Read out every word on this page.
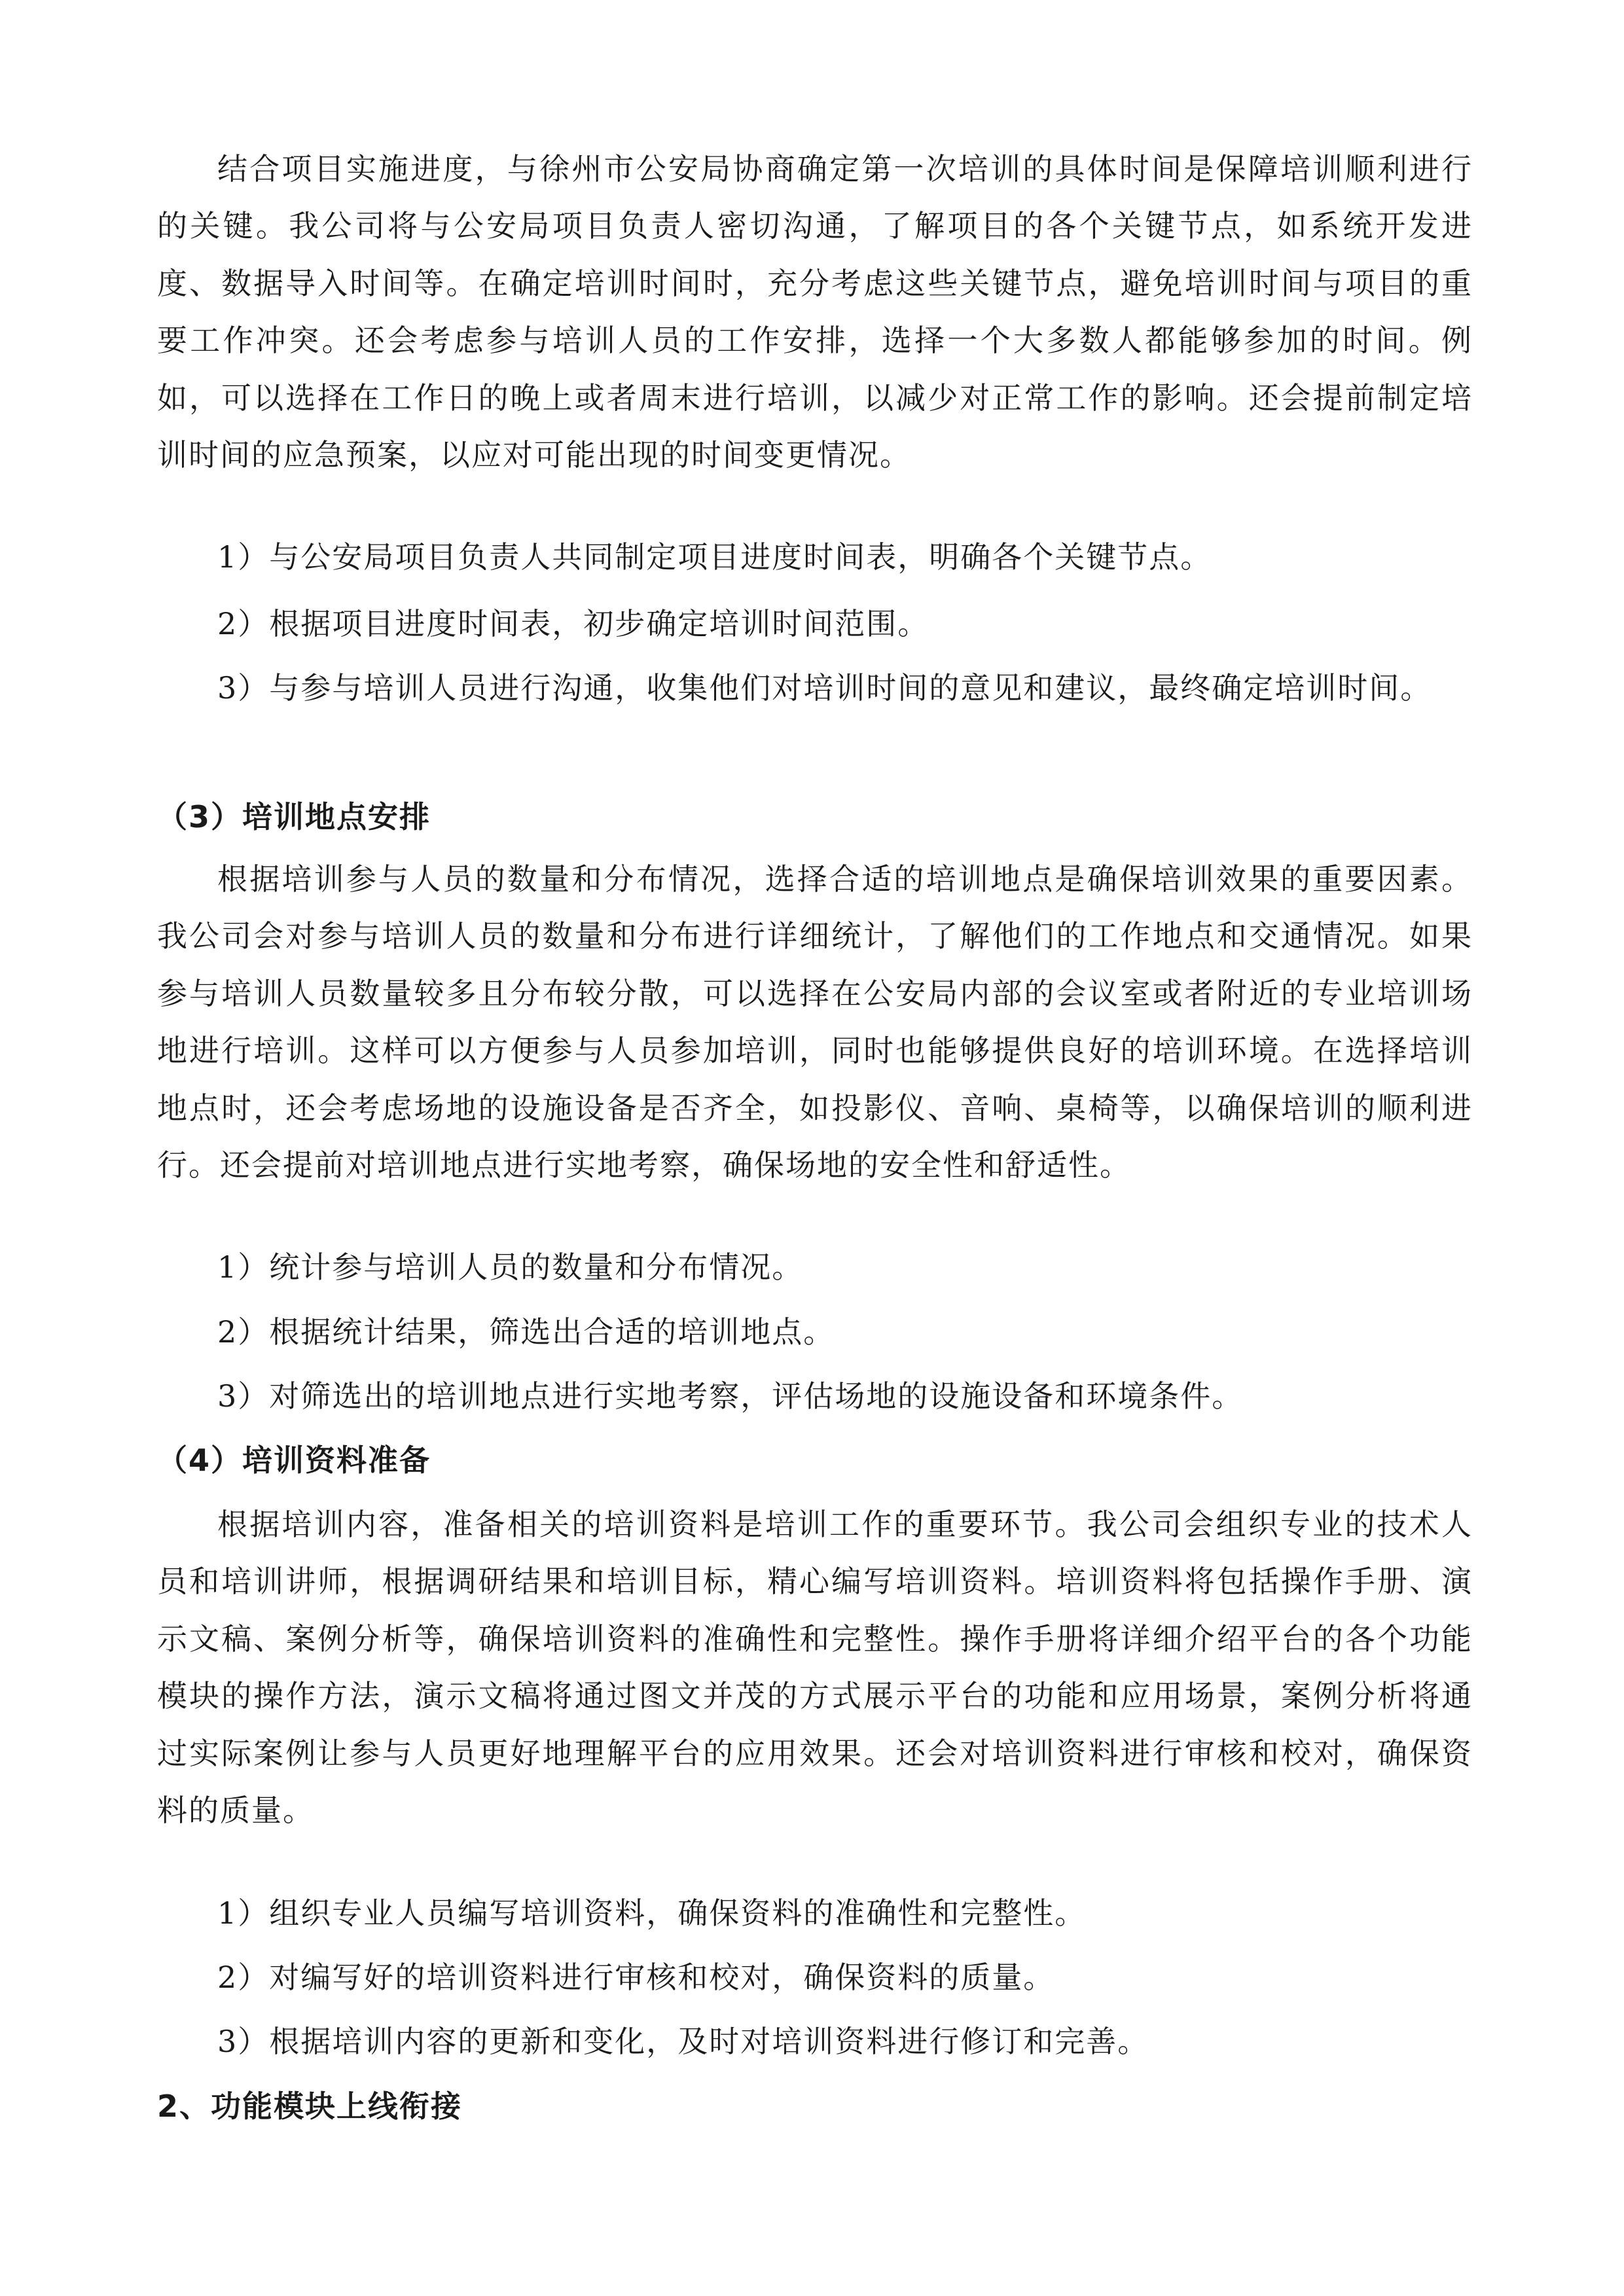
结合项目实施进度，与徐州市公安局协商确定第一次培训的具体时间是保障培训顺利进行的关键。我公司将与公安局项目负责人密切沟通，了解项目的各个关键节点，如系统开发进度、数据导入时间等。在确定培训时间时，充分考虑这些关键节点，避免培训时间与项目的重要工作冲突。还会考虑参与培训人员的工作安排，选择一个大多数人都能够参加的时间。例如，可以选择在工作日的晚上或者周末进行培训，以减少对正常工作的影响。还会提前制定培训时间的应急预案，以应对可能出现的时间变更情况。

1）与公安局项目负责人共同制定项目进度时间表，明确各个关键节点。

2）根据项目进度时间表，初步确定培训时间范围。

3）与参与培训人员进行沟通，收集他们对培训时间的意见和建议，最终确定培训时间。

（3）培训地点安排

根据培训参与人员的数量和分布情况，选择合适的培训地点是确保培训效果的重要因素。我公司会对参与培训人员的数量和分布进行详细统计，了解他们的工作地点和交通情况。如果参与培训人员数量较多且分布较分散，可以选择在公安局内部的会议室或者附近的专业培训场地进行培训。这样可以方便参与人员参加培训，同时也能够提供良好的培训环境。在选择培训地点时，还会考虑场地的设施设备是否齐全，如投影仪、音响、桌椅等，以确保培训的顺利进行。还会提前对培训地点进行实地考察，确保场地的安全性和舒适性。

1）统计参与培训人员的数量和分布情况。

2）根据统计结果，筛选出合适的培训地点。

3）对筛选出的培训地点进行实地考察，评估场地的设施设备和环境条件。

（4）培训资料准备

根据培训内容，准备相关的培训资料是培训工作的重要环节。我公司会组织专业的技术人员和培训讲师，根据调研结果和培训目标，精心编写培训资料。培训资料将包括操作手册、演示文稿、案例分析等，确保培训资料的准确性和完整性。操作手册将详细介绍平台的各个功能模块的操作方法，演示文稿将通过图文并茂的方式展示平台的功能和应用场景，案例分析将通过实际案例让参与人员更好地理解平台的应用效果。还会对培训资料进行审核和校对，确保资料的质量。

1）组织专业人员编写培训资料，确保资料的准确性和完整性。

2）对编写好的培训资料进行审核和校对，确保资料的质量。

3）根据培训内容的更新和变化，及时对培训资料进行修订和完善。

2、功能模块上线衔接
